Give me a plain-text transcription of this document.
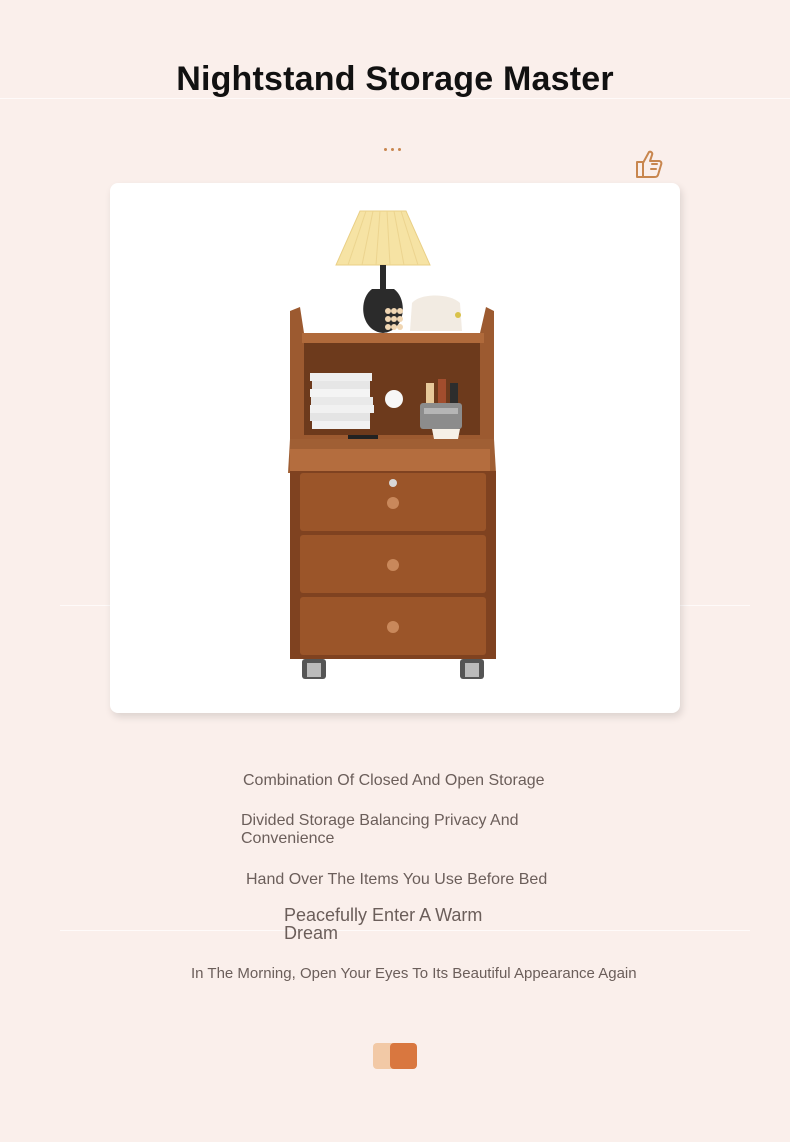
Nightstand Storage Master
Combination Of Closed And Open Storage
Divided Storage Balancing Privacy And Convenience
Hand Over The Items You Use Before Bed
Peacefully Enter A Warm Dream
In The Morning, Open Your Eyes To Its Beautiful Appearance Again
